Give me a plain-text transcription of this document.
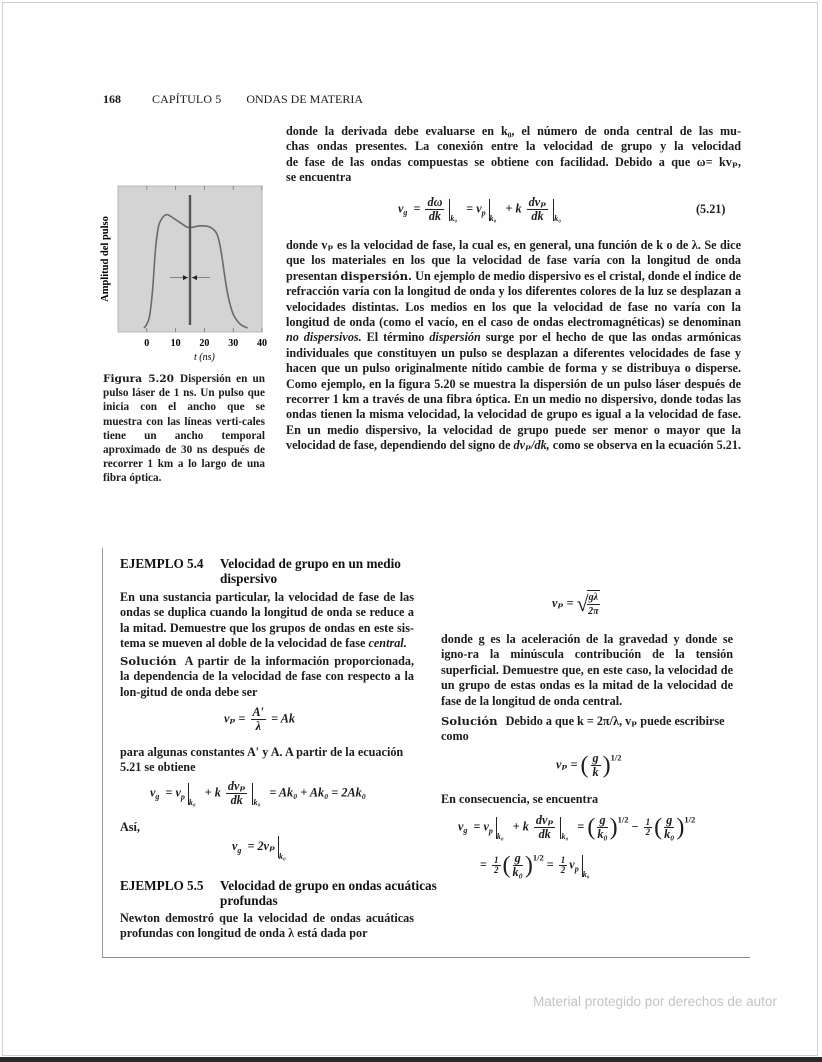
168	CAPÍTULO 5 ONDAS DE MATERIA
donde la derivada debe evaluarse en k₀, el número de onda central de las mu-
chas ondas presentes. La conexión entre la velocidad de grupo y la velocidad
de fase de las ondas compuestas se obtiene con facilidad. Debido a que ω= kvₚ,
se encuentra
$v_g = \frac{d\omega}{dk} _{k_0} = v_{pk_0} + k \frac{\text{dvₚ}}{dk} _{k_0}$
(5.21)
donde vₚ es la velocidad de fase, la cual es, en general, una función de k o de λ. Se dice que los materiales en los que la velocidad de fase varía con la longitud de onda presentan dispersión. Un ejemplo de medio dispersivo es el cristal, donde el índice de refracción varía con la longitud de onda y los diferentes colores de la luz se desplazan a velocidades distintas. Los medios en los que la velocidad de fase no varía con la longitud de onda (como el vacío, en el caso de ondas electromagnéticas) se denominan no dispersivos. El término dispersión surge por el hecho de que las ondas armónicas individuales que constituyen un pulso se desplazan a diferentes velocidades de fase y hacen que un pulso originalmente nítido cambie de forma y se distribuya o disperse. Como ejemplo, en la figura 5.20 se muestra la dispersión de un pulso láser después de recorrer 1 km a través de una fibra óptica. En un medio no dispersivo, donde todas las ondas tienen la misma velocidad, la velocidad de grupo es igual a la velocidad de fase. En un medio dispersivo, la velocidad de grupo puede ser menor o mayor que la velocidad de fase, dependiendo del signo de dvₚ/dk, como se observa en la ecuación 5.21.
0 10 20 30 40
t (ns)
Amplitud del pulso
Figura 5.20 Dispersión en un pulso láser de 1 ns. Un pulso que inicia con el ancho que se muestra con las líneas verti-cales tiene un ancho temporal aproximado de 30 ns después de recorrer 1 km a lo largo de una fibra óptica.
EJEMPLO 5.4 Velocidad de grupo en un medio dispersivo
En una sustancia particular, la velocidad de fase de las ondas se duplica cuando la longitud de onda se reduce a la mitad. Demuestre que los grupos de ondas en este sis-tema se mueven al doble de la velocidad de fase central.
Solución A partir de la información proporcionada, la dependencia de la velocidad de fase con respecto a la lon-gitud de onda debe ser
$v_p = \frac{A'}{\lambda} = Ak$
para algunas constantes A′ y A. A partir de la ecuación 5.21 se obtiene
$v_g = v_{pk_0} + k \frac{\text{dvₚ}}{dk} _{k_0} = Ak_0 + Ak_0 = 2Ak_0$
Así,
$v_g = 2v_p_{k_0}$
EJEMPLO 5.5 Velocidad de grupo en ondas acuáticas profundas
Newton demostró que la velocidad de ondas acuáticas profundas con longitud de onda λ está dada por
vₚ = √
$\frac{g\lambda}{2\pi}$
donde g es la aceleración de la gravedad y donde se igno-ra la minúscula contribución de la tensión superficial. Demuestre que, en este caso, la velocidad de un grupo de estas ondas es la mitad de la velocidad de fase de la longitud de onda central.
Solución Debido a que k = 2π/λ, vₚ puede escribirse como
vₚ = ( $\frac{g}{k} )^{1/2}$
En consecuencia, se encuentra
$v_g = v_{pk_0} + k \frac{\text{dvₚ}}{dk} _{k_0}$ = ( $\frac{g}{\text{k₀}} )^{1/2} - \frac{1}{2}$ ( $\frac{g}{\text{k₀}} )^{1/2}$
= $\frac{1}{2}$ ( $\frac{g}{\text{k₀}} )^{1/2} = \frac{1}{2} v_{pk_0}$
Material protegido por derechos de autor
